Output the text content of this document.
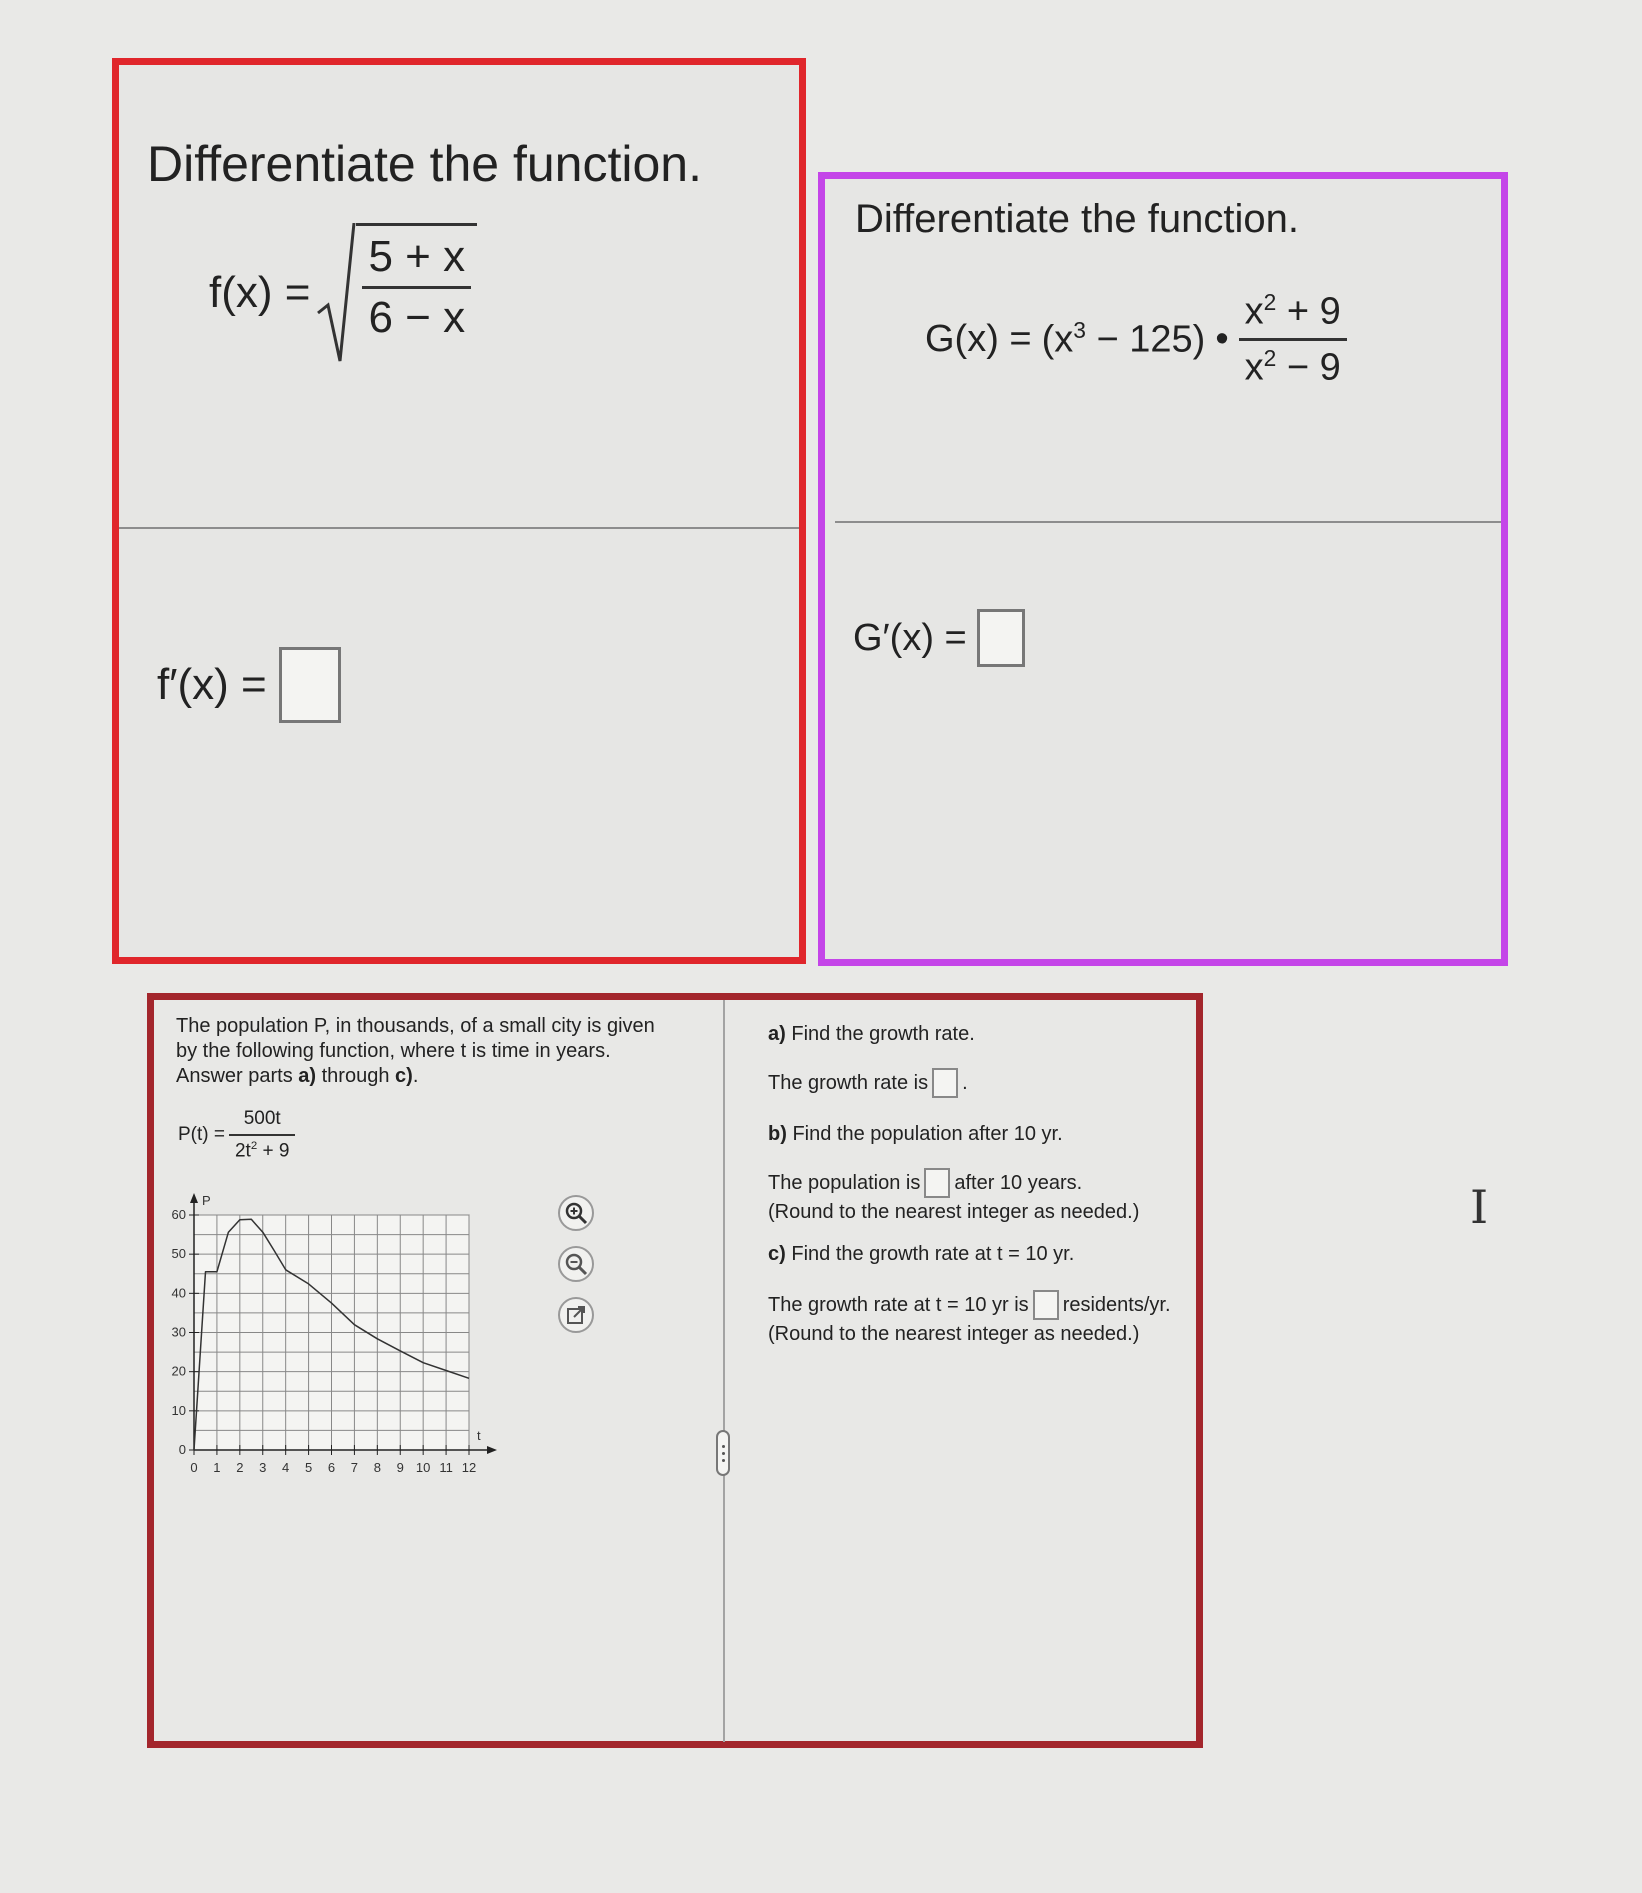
Differentiate the function.
$f(x) = \frac{5 + x}{6 - x}$
f′(x) =
Differentiate the function.
$G(x) = (x^3 - 125)$ • $\frac{x^2 + 9}{x^2 - 9}$
G′(x) =
The population P, in thousands, of a small city is given
by the following function, where t is time in years.
Answer parts a) through c).
$P(t) = \frac{500t}{2t^2 + 9}$
0 1 2 3 4 5 6 7 8 9 10 11 12
0
10
20
30
40
50
60
t
P
a) Find the growth rate.
The growth rate is .
b) Find the population after 10 yr.
The population is after 10 years.
(Round to the nearest integer as needed.)
c) Find the growth rate at t = 10 yr.
The growth rate at t = 10 yr is residents/yr.
(Round to the nearest integer as needed.)
I
